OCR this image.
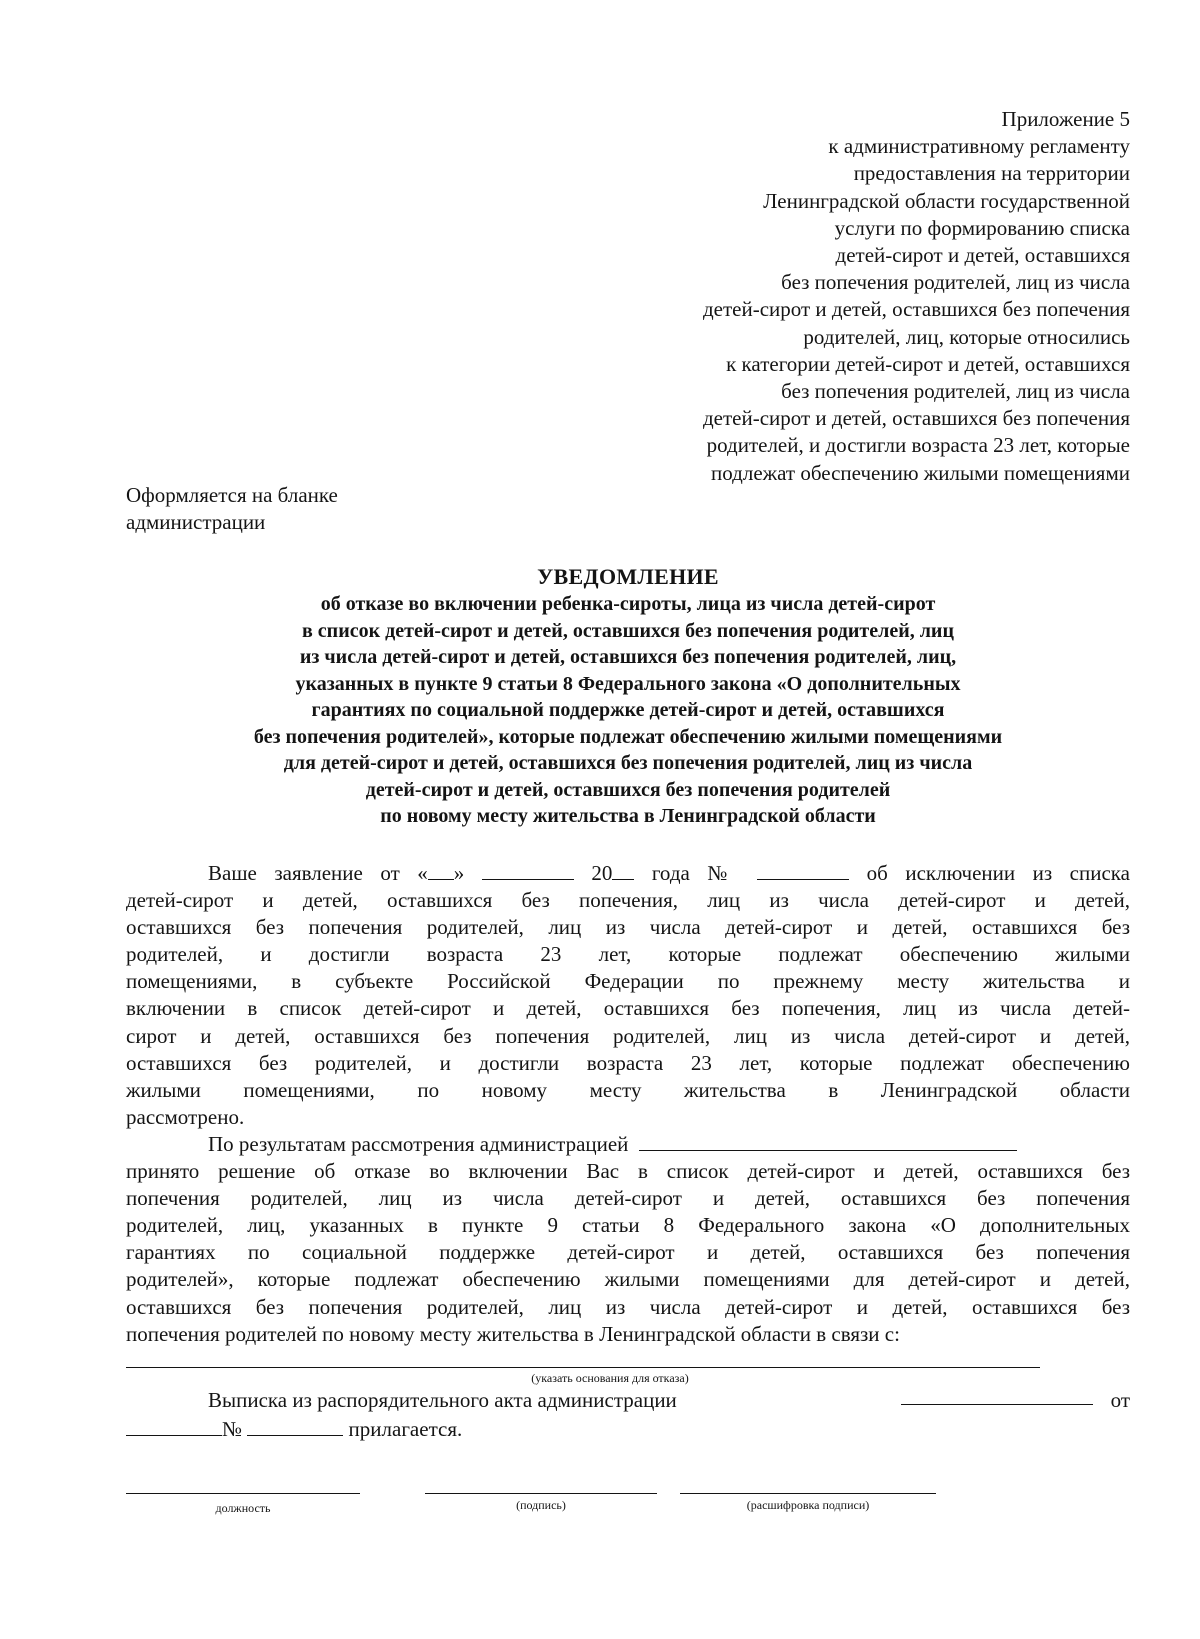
Приложение 5
к административному регламенту
предоставления на территории
Ленинградской области государственной
услуги по формированию списка
детей-сирот и детей, оставшихся
без попечения родителей, лиц из числа
детей-сирот и детей, оставшихся без попечения
родителей, лиц, которые относились
к категории детей-сирот и детей, оставшихся
без попечения родителей, лиц из числа
детей-сирот и детей, оставшихся без попечения
родителей, и достигли возраста 23 лет, которые
подлежат обеспечению жилыми помещениями
Оформляется на бланке
администрации
УВЕДОМЛЕНИЕ
об отказе во включении ребенка-сироты, лица из числа детей-сирот
в список детей-сирот и детей, оставшихся без попечения родителей, лиц
из числа детей-сирот и детей, оставшихся без попечения родителей, лиц,
указанных в пункте 9 статьи 8 Федерального закона «О дополнительных
гарантиях по социальной поддержке детей-сирот и детей, оставшихся
без попечения родителей», которые подлежат обеспечению жилыми помещениями
для детей-сирот и детей, оставшихся без попечения родителей, лиц из числа
детей-сирот и детей, оставшихся без попечения родителей
по новому месту жительства в Ленинградской области
Ваше заявление от « »	20 года №	об исключении из списка
детей-сирот и детей, оставшихся без попечения, лиц из числа детей-сирот и детей,
оставшихся без попечения родителей, лиц из числа детей-сирот и детей, оставшихся без
родителей, и достигли возраста 23 лет, которые подлежат обеспечению жилыми
помещениями, в субъекте Российской Федерации по прежнему месту жительства и
включении в список детей-сирот и детей, оставшихся без попечения, лиц из числа детей-
сирот и детей, оставшихся без попечения родителей, лиц из числа детей-сирот и детей,
оставшихся без родителей, и достигли возраста 23 лет, которые подлежат обеспечению
жилыми помещениями, по новому месту жительства в Ленинградской области
рассмотрено.
По результатам рассмотрения администрацией
принято решение об отказе во включении Вас в список детей-сирот и детей, оставшихся без
попечения родителей, лиц из числа детей-сирот и детей, оставшихся без попечения
родителей, лиц, указанных в пункте 9 статьи 8 Федерального закона «О дополнительных
гарантиях по социальной поддержке детей-сирот и детей, оставшихся без попечения
родителей», которые подлежат обеспечению жилыми помещениями для детей-сирот и детей,
оставшихся без попечения родителей, лиц из числа детей-сирот и детей, оставшихся без
попечения родителей по новому месту жительства в Ленинградской области в связи с:
(указать основания для отказа)
Выписка из распорядительного акта администрации	от
№	прилагается.
должность	(подпись)	(расшифровка подписи)
